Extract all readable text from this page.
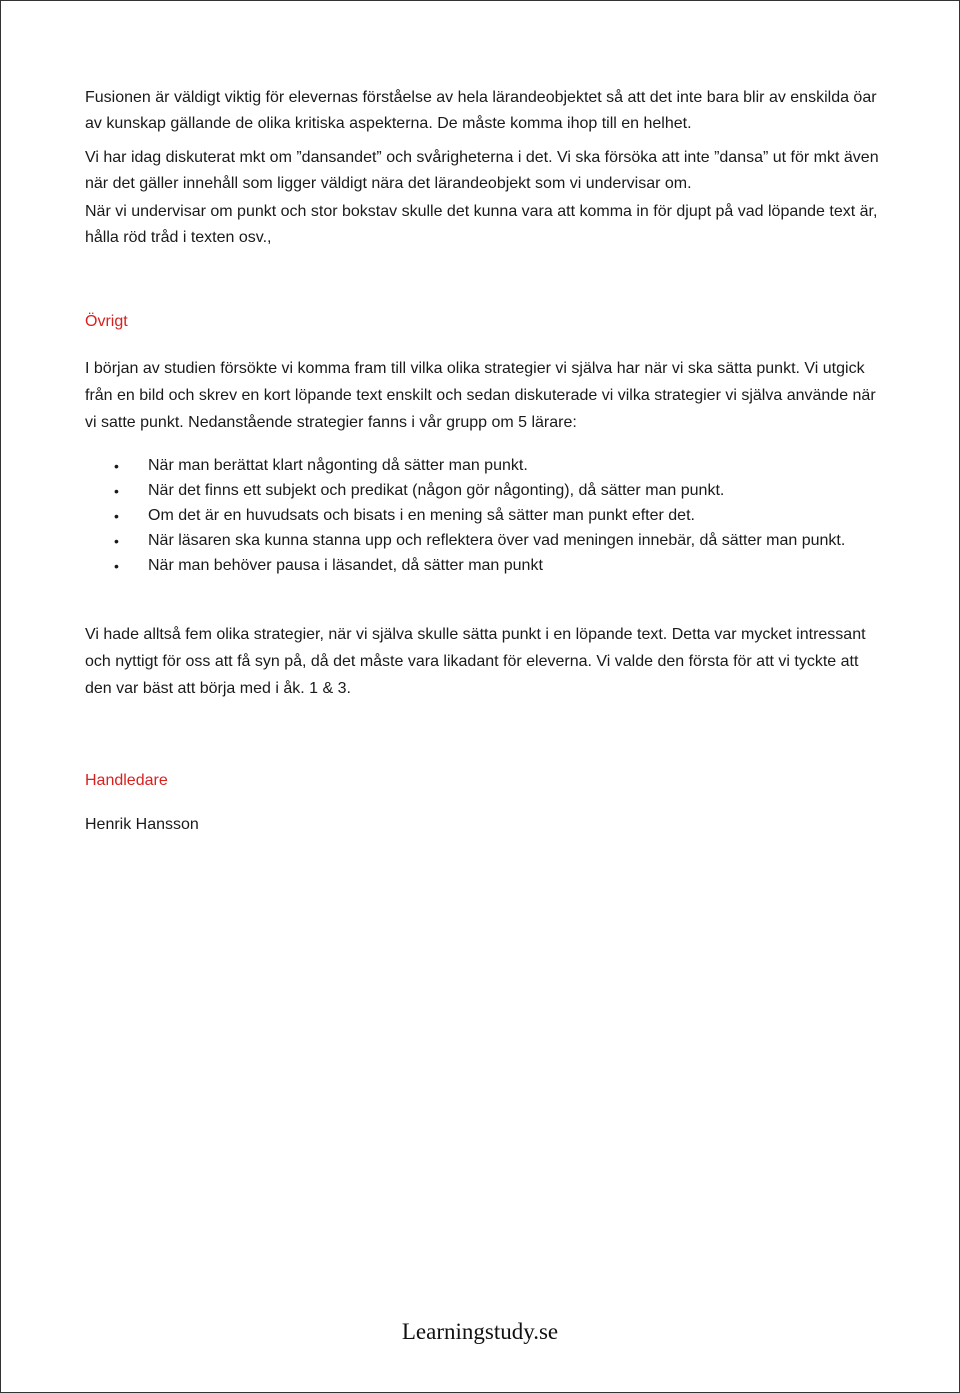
Fusionen är väldigt viktig för elevernas förståelse av hela lärandeobjektet så att det inte bara blir av enskilda öar av kunskap gällande de olika kritiska aspekterna. De måste komma ihop till en helhet.

Vi har idag diskuterat mkt om ”dansandet” och svårigheterna i det. Vi ska försöka att inte ”dansa” ut för mkt även när det gäller innehåll som ligger väldigt nära det lärandeobjekt som vi undervisar om.

När vi undervisar om punkt och stor bokstav skulle det kunna vara att komma in för djupt på vad löpande text är, hålla röd tråd i texten osv.,

Övrigt

I början av studien försökte vi komma fram till vilka olika strategier vi själva har när vi ska sätta punkt. Vi utgick från en bild och skrev en kort löpande text enskilt och sedan diskuterade vi vilka strategier vi själva använde när vi satte punkt. Nedanstående strategier fanns i vår grupp om 5 lärare:

• När man berättat klart någonting då sätter man punkt.
• När det finns ett subjekt och predikat (någon gör någonting), då sätter man punkt.
• Om det är en huvudsats och bisats i en mening så sätter man punkt efter det.
• När läsaren ska kunna stanna upp och reflektera över vad meningen innebär, då sätter man punkt.
• När man behöver pausa i läsandet, då sätter man punkt

Vi hade alltså fem olika strategier, när vi själva skulle sätta punkt i en löpande text. Detta var mycket intressant och nyttigt för oss att få syn på, då det måste vara likadant för eleverna. Vi valde den första för att vi tyckte att den var bäst att börja med i åk. 1 & 3.

Handledare

Henrik Hansson

Learningstudy.se
